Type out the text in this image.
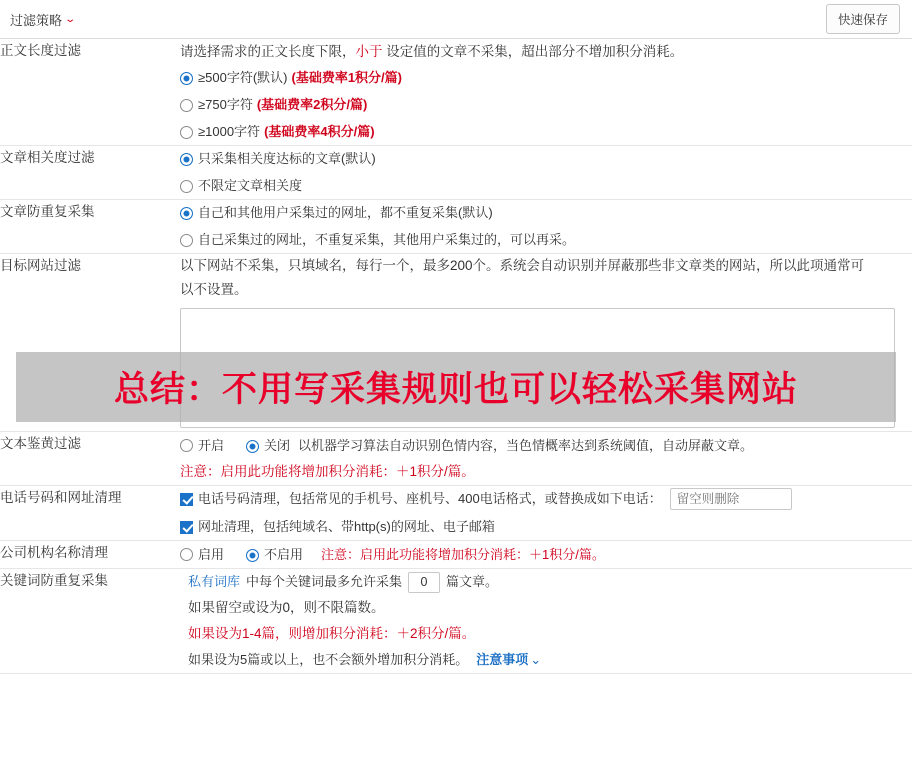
过滤策略 ⌄	快速保存
正文长度过滤	请选择需求的正文长度下限，小于 设定值的文章不采集，超出部分不增加积分消耗。
≥500字符(默认) (基础费率1积分/篇)
≥750字符 (基础费率2积分/篇)
≥1000字符 (基础费率4积分/篇)

文章相关度过滤	只采集相关度达标的文章(默认)
不限定文章相关度

文章防重复采集	自己和其他用户采集过的网址，都不重复采集(默认)
自己采集过的网址，不重复采集，其他用户采集过的，可以再采。

目标网站过滤	以下网站不采集，只填域名，每行一个，最多200个。系统会自动识别并屏蔽那些非文章类的网站，所以此项通常可
以不设置。

文本鉴黄过滤	开启 关闭 以机器学习算法自动识别色情内容，当色情概率达到系统阈值，自动屏蔽文章。
注意：启用此功能将增加积分消耗：＋1积分/篇。

电话号码和网址清理	电话号码清理，包括常见的手机号、座机号、400电话格式，或替换成如下电话：
留空则删除
网址清理，包括纯域名、带http(s)的网址、电子邮箱

公司机构名称清理	启用 不启用 注意：启用此功能将增加积分消耗：＋1积分/篇。

关键词防重复采集	私有词库 中每个关键词最多允许采集
0	篇文章。
如果留空或设为0，则不限篇数。
如果设为1-4篇，则增加积分消耗：＋2积分/篇。
如果设为5篇或以上，也不会额外增加积分消耗。 注意事项 ⌄
总结：不用写采集规则也可以轻松采集网站
